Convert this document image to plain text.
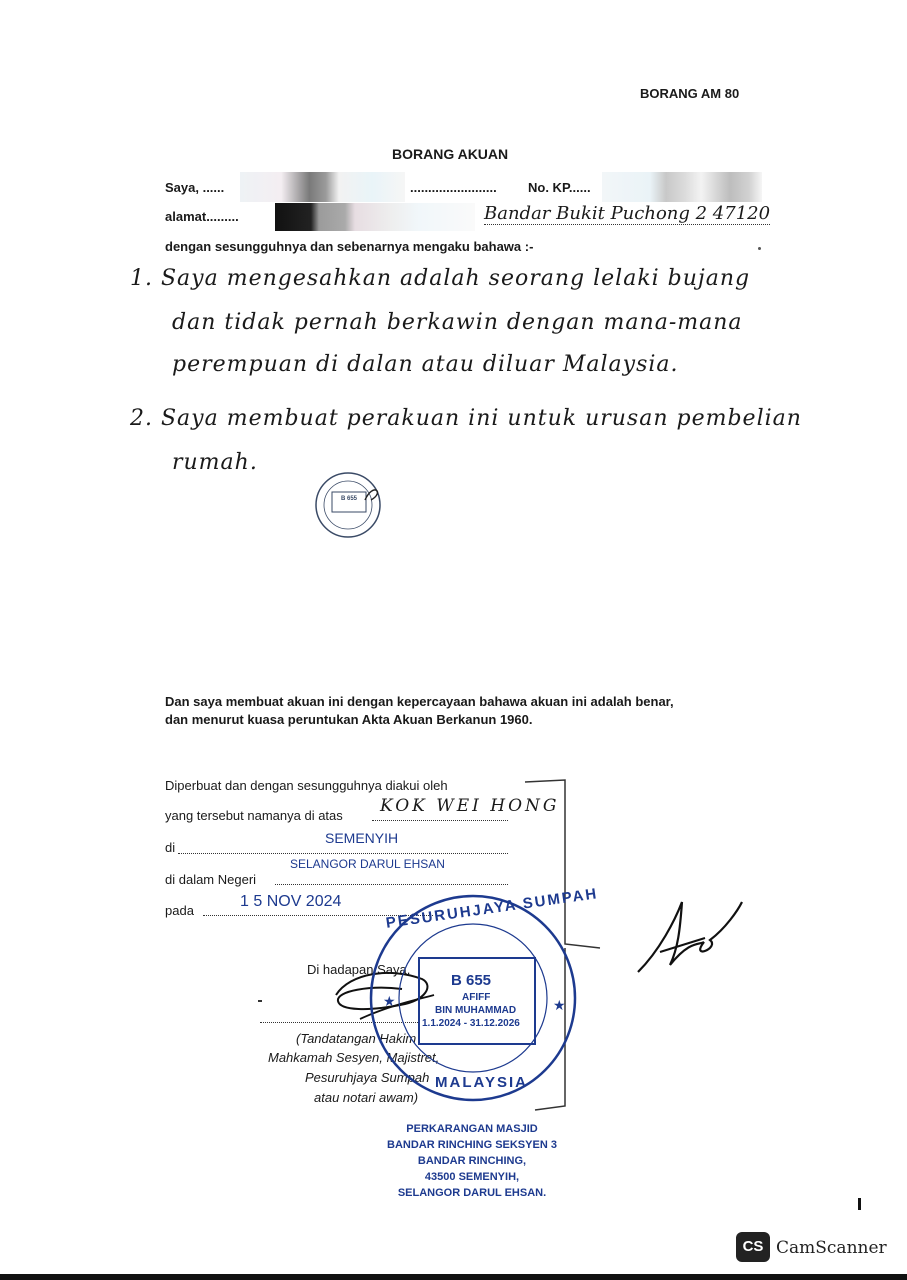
BORANG AM 80
BORANG AKUAN
Saya, ......	........................ No. KP......
alamat.........	Bandar Bukit Puchong 2 47120
dengan sesungguhnya dan sebenarnya mengaku bahawa :-
1. Saya mengesahkan adalah seorang lelaki bujang
dan tidak pernah berkawin dengan mana-mana
perempuan di dalan atau diluar Malaysia.
2. Saya membuat perakuan ini untuk urusan pembelian
rumah.
B 655
Dan saya membuat akuan ini dengan kepercayaan bahawa akuan ini adalah benar,
dan menurut kuasa peruntukan Akta Akuan Berkanun 1960.
Diperbuat dan dengan sesungguhnya diakui oleh
yang tersebut namanya di atas KOK WEI HONG
di
SEMENYIH
di dalam Negeri
SELANGOR DARUL EHSAN
pada
1 5 NOV 2024
Di hadapan Saya,
(Tandatangan Hakim
Mahkamah Sesyen, Majistret,
Pesuruhjaya Sumpah
atau notari awam)
★	★
PESURUHJAYA SUMPAH
MALAYSIA
B 655
AFIFF
BIN MUHAMMAD
1.1.2024 - 31.12.2026
PERKARANGAN MASJID
BANDAR RINCHING SEKSYEN 3
BANDAR RINCHING,
43500 SEMENYIH,
SELANGOR DARUL EHSAN.
CS CamScanner
